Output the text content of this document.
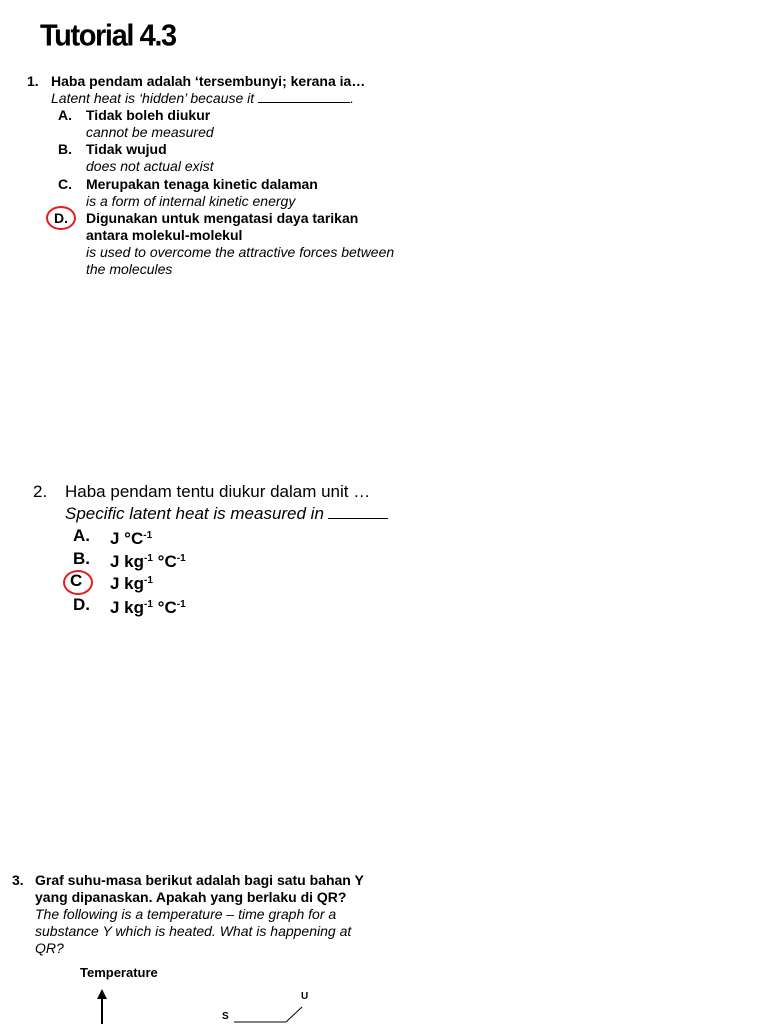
Tutorial 4.3
1. Haba pendam adalah ‘tersembunyi; kerana ia…
Latent heat is ‘hidden’ because it	.
A. Tidak boleh diukur
cannot be measured
B. Tidak wujud
does not actual exist
C. Merupakan tenaga kinetic dalaman
is a form of internal kinetic energy
D. Digunakan untuk mengatasi daya tarikan
antara molekul-molekul
is used to overcome the attractive forces between
the molecules
2. Haba pendam tentu diukur dalam unit …
Specific latent heat is measured in
A. J $^\circ C^{-1}$
B. J $kg^{-1}$ $^\circ C^{-1}$
C J $kg^{-1}$
D. J $kg^{-1}$ $^\circ C^{-1}$
3. Graf suhu-masa berikut adalah bagi satu bahan Y
yang dipanaskan. Apakah yang berlaku di QR?
The following is a temperature – time graph for a
substance Y which is heated. What is happening at
QR?
Temperature
S
U
